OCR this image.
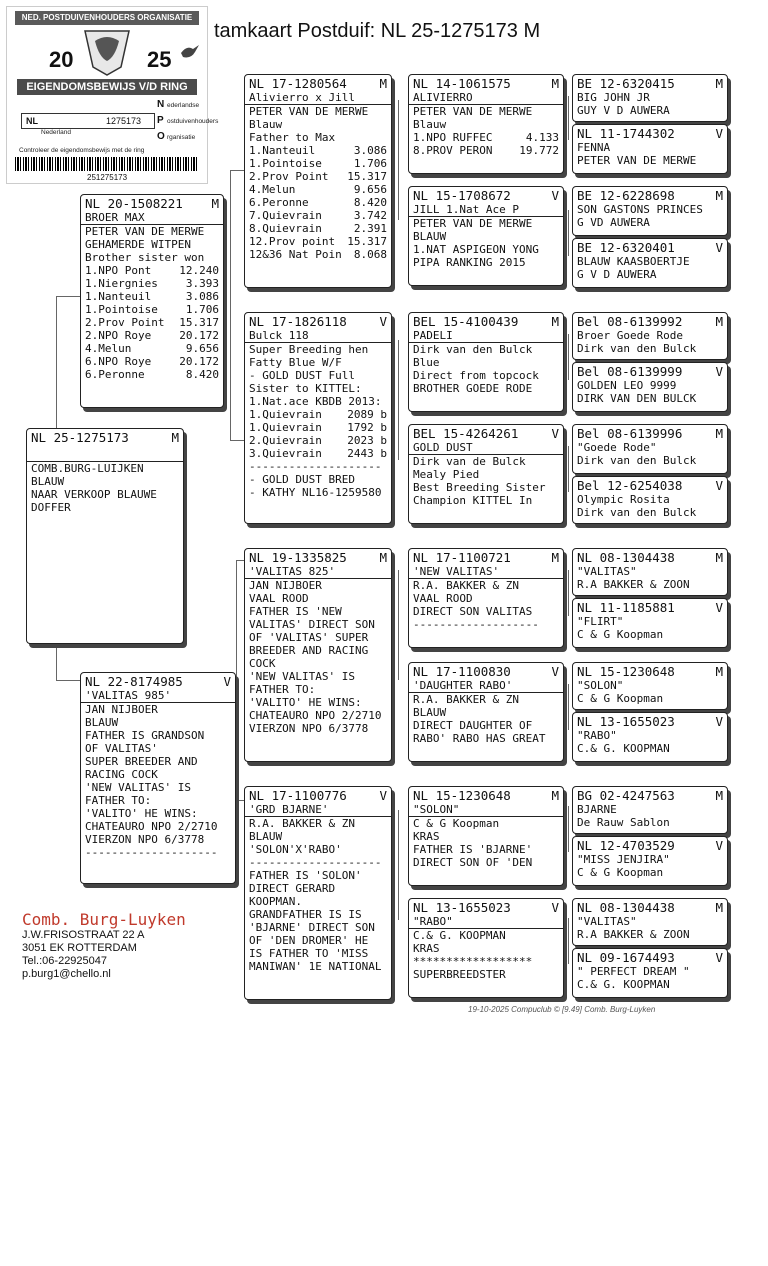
tamkaart Postduif: NL 25-1275173 M
NED. POSTDUIVENHOUDERS ORGANISATIE
20	25
EIGENDOMSBEWIJS V/D RING
NL	1275173
Nederland
N ederlandse
P ostduivenhouders
O rganisatie
Controleer de eigendomsbewijs met de ring
251275173
NL 25-1275173	M
COMB.BURG-LUIJKEN
BLAUW
NAAR VERKOOP BLAUWE
DOFFER
NL 20-1508221 M
BROER MAX
PETER VAN DE MERWE
GEHAMERDE WITPEN
Brother sister won
1.NPO Pont	12.240
1.Niergnies	3.393
1.Nanteuil	3.086
1.Pointoise	1.706
2.Prov Point 15.317
2.NPO Roye	20.172
4.Melun	9.656
6.NPO Roye	20.172
6.Peronne	8.420
NL 22-8174985	V
'VALITAS 985'
JAN NIJBOER
BLAUW
FATHER IS GRANDSON
OF VALITAS'
SUPER BREEDER AND
RACING COCK
'NEW VALITAS' IS
FATHER TO:
'VALITO' HE WINS:
CHATEAURO NPO 2/2710
VIERZON NPO 6/3778
--------------------
NL 17-1280564	M
Alivierro x Jill
PETER VAN DE MERWE
Blauw
Father to Max
1.Nanteuil	3.086
1.Pointoise	1.706
2.Prov Point 15.317
4.Melun	9.656
6.Peronne	8.420
7.Quievrain	3.742
8.Quievrain	2.391
12.Prov point 15.317
12&36 Nat Poin 8.068
NL 17-1826118	V
Bulck 118
Super Breeding hen
Fatty Blue W/F
- GOLD DUST Full
Sister to KITTEL:
1.Nat.ace KBDB 2013:
1.Quievrain 2089 b
1.Quievrain 1792 b
2.Quievrain 2023 b
3.Quievrain 2443 b
--------------------
- GOLD DUST BRED
- KATHY NL16-1259580
NL 19-1335825	M
'VALITAS 825'
JAN NIJBOER
VAAL ROOD
FATHER IS 'NEW
VALITAS' DIRECT SON
OF 'VALITAS' SUPER
BREEDER AND RACING
COCK
'NEW VALITAS' IS
FATHER TO:
'VALITO' HE WINS:
CHATEAURO NPO 2/2710
VIERZON NPO 6/3778
NL 17-1100776	V
'GRD BJARNE'
R.A. BAKKER & ZN
BLAUW
'SOLON'X'RABO'
--------------------
FATHER IS 'SOLON'
DIRECT GERARD
KOOPMAN.
GRANDFATHER IS IS
'BJARNE' DIRECT SON
OF 'DEN DROMER' HE
IS FATHER TO 'MISS
MANIWAN' 1E NATIONAL
NL 14-1061575	M
ALIVIERRO
PETER VAN DE MERWE
Blauw
1.NPO RUFFEC	4.133
8.PROV PERON 19.772
NL 15-1708672	V
JILL 1.Nat Ace P
PETER VAN DE MERWE
BLAUW
1.NAT ASPIGEON YONG
PIPA RANKING 2015
BEL 15-4100439	M
PADELI
Dirk van den Bulck
Blue
Direct from topcock
BROTHER GOEDE RODE
BEL 15-4264261	V
GOLD DUST
Dirk van de Bulck
Mealy Pied
Best Breeding Sister
Champion KITTEL In
NL 17-1100721	M
'NEW VALITAS'
R.A. BAKKER & ZN
VAAL ROOD
DIRECT SON VALITAS
-------------------
NL 17-1100830	V
'DAUGHTER RABO'
R.A. BAKKER & ZN
BLAUW
DIRECT DAUGHTER OF
RABO' RABO HAS GREAT
NL 15-1230648	M
"SOLON"
C & G Koopman
KRAS
FATHER IS 'BJARNE'
DIRECT SON OF 'DEN
NL 13-1655023	V
"RABO"
C.& G. KOOPMAN
KRAS
******************
SUPERBREEDSTER
BE 12-6320415	M
BIG JOHN JR
GUY V D AUWERA
NL 11-1744302	V
FENNA
PETER VAN DE MERWE
BE 12-6228698	M
SON GASTONS PRINCES
G VD AUWERA
BE 12-6320401	V
BLAUW KAASBOERTJE
G V D AUWERA
Bel 08-6139992	M
Broer Goede Rode
Dirk van den Bulck
Bel 08-6139999	V
GOLDEN LEO 9999
DIRK VAN DEN BULCK
Bel 08-6139996	M
"Goede Rode"
Dirk van den Bulck
Bel 12-6254038	V
Olympic Rosita
Dirk van den Bulck
NL 08-1304438	M
"VALITAS"
R.A BAKKER & ZOON
NL 11-1185881	V
"FLIRT"
C & G Koopman
NL 15-1230648	M
"SOLON"
C & G Koopman
NL 13-1655023	V
"RABO"
C.& G. KOOPMAN
BG 02-4247563	M
BJARNE
De Rauw Sablon
NL 12-4703529	V
"MISS JENJIRA"
C & G Koopman
NL 08-1304438	M
"VALITAS"
R.A BAKKER & ZOON
NL 09-1674493	V
" PERFECT DREAM "
C.& G. KOOPMAN
Comb. Burg-Luyken
J.W.FRISOSTRAAT 22 A
3051 EK ROTTERDAM
Tel.:06-22925047
p.burg1@chello.nl
19-10-2025 Compuclub © [9.49] Comb. Burg-Luyken
